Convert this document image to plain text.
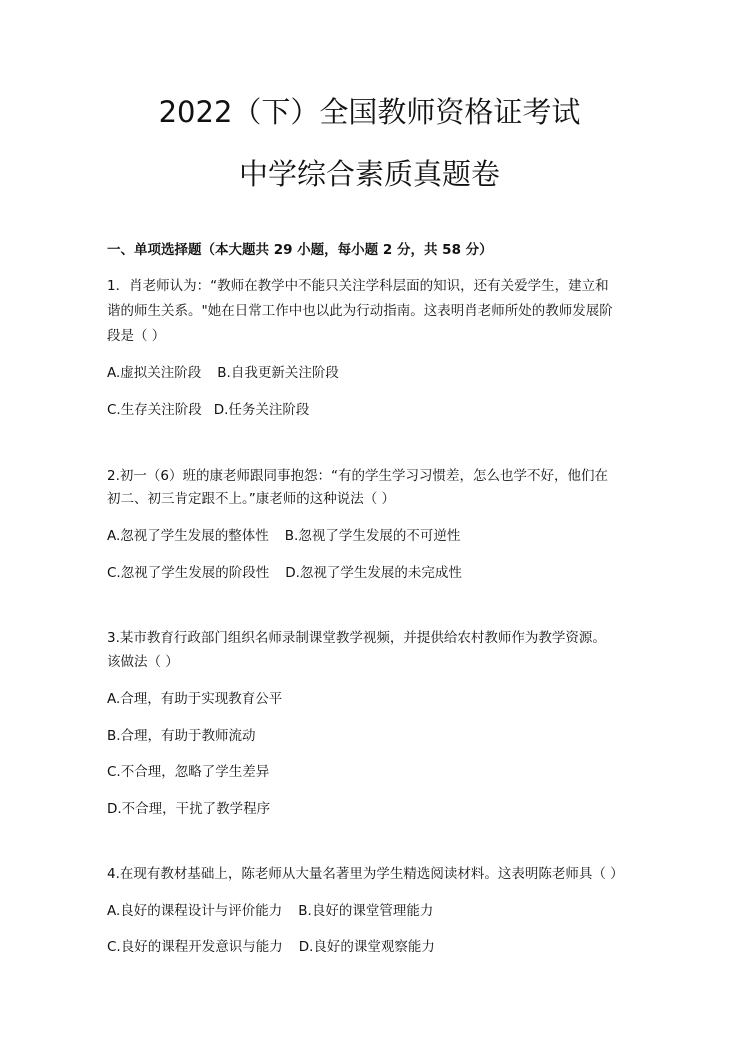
2022（下）全国教师资格证考试
中学综合素质真题卷
一、单项选择题（本大题共 29 小题，每小题 2 分，共 58 分）
1．肖老师认为：“教师在教学中不能只关注学科层面的知识，还有关爱学生，建立和
谐的师生关系。"她在日常工作中也以此为行动指南。这表明肖老师所处的教师发展阶
段是（ ）
A.虚拟关注阶段 B.自我更新关注阶段
C.生存关注阶段 D.任务关注阶段
2.初一（6）班的康老师跟同事抱怨：“有的学生学习习惯差，怎么也学不好，他们在
初二、初三肯定跟不上。”康老师的这种说法（ ）
A.忽视了学生发展的整体性 B.忽视了学生发展的不可逆性
C.忽视了学生发展的阶段性 D.忽视了学生发展的未完成性
3.某市教育行政部门组织名师录制课堂教学视频，并提供给农村教师作为教学资源。
该做法（ ）
A.合理，有助于实现教育公平
B.合理，有助于教师流动
C.不合理，忽略了学生差异
D.不合理，干扰了教学程序
4.在现有教材基础上，陈老师从大量名著里为学生精选阅读材料。这表明陈老师具（ ）
A.良好的课程设计与评价能力 B.良好的课堂管理能力
C.良好的课程开发意识与能力 D.良好的课堂观察能力
